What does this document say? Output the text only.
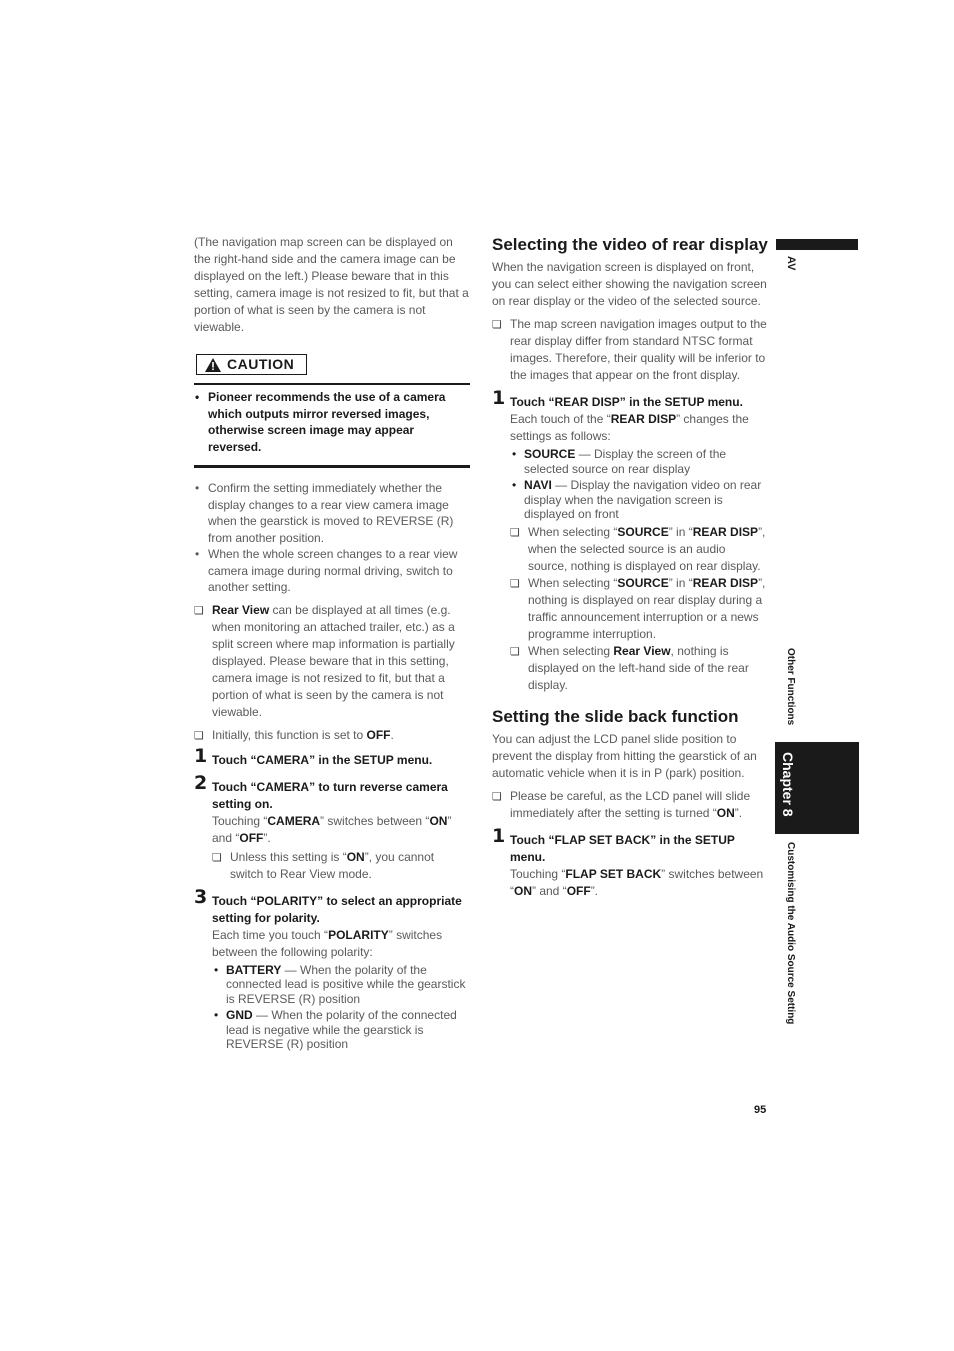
(The navigation map screen can be displayed on the right-hand side and the camera image can be displayed on the left.) Please beware that in this setting, camera image is not resized to fit, but that a portion of what is seen by the camera is not viewable.

CAUTION
• Pioneer recommends the use of a camera which outputs mirror reversed images, otherwise screen image may appear reversed.
• Confirm the setting immediately whether the display changes to a rear view camera image when the gearstick is moved to REVERSE (R) from another position.
• When the whole screen changes to a rear view camera image during normal driving, switch to another setting.
❏ Rear View can be displayed at all times (e.g. when monitoring an attached trailer, etc.) as a split screen where map information is partially displayed. Please beware that in this setting, camera image is not resized to fit, but that a portion of what is seen by the camera is not viewable.
❏ Initially, this function is set to OFF.
1 Touch “CAMERA” in the SETUP menu.
2 Touch “CAMERA” to turn reverse camera setting on.

Touching “CAMERA” switches between “ON” and “OFF”.

❏ Unless this setting is “ON”, you cannot switch to Rear View mode.
3 Touch “POLARITY” to select an appropriate setting for polarity.

Each time you touch “POLARITY” switches between the following polarity:

• BATTERY — When the polarity of the connected lead is positive while the gearstick is REVERSE (R) position
• GND — When the polarity of the connected lead is negative while the gearstick is REVERSE (R) position
Selecting the video of rear display

When the navigation screen is displayed on front, you can select either showing the navigation screen on rear display or the video of the selected source.

❏ The map screen navigation images output to the rear display differ from standard NTSC format images. Therefore, their quality will be inferior to the images that appear on the front display.
1 Touch “REAR DISP” in the SETUP menu.

Each touch of the “REAR DISP” changes the settings as follows:

• SOURCE — Display the screen of the selected source on rear display
• NAVI — Display the navigation video on rear display when the navigation screen is displayed on front
❏ When selecting “SOURCE” in “REAR DISP”, when the selected source is an audio source, nothing is displayed on rear display.
❏ When selecting “SOURCE” in “REAR DISP”, nothing is displayed on rear display during a traffic announcement interruption or a news programme interruption.
❏ When selecting Rear View, nothing is displayed on the left-hand side of the rear display.
Setting the slide back function

You can adjust the LCD panel slide position to prevent the display from hitting the gearstick of an automatic vehicle when it is in P (park) position.

❏ Please be careful, as the LCD panel will slide immediately after the setting is turned “ON”.
1 Touch “FLAP SET BACK” in the SETUP menu.

Touching “FLAP SET BACK” switches between “ON” and “OFF”.

AV
Other Functions
Chapter 8
Customising the Audio Source Setting
95
